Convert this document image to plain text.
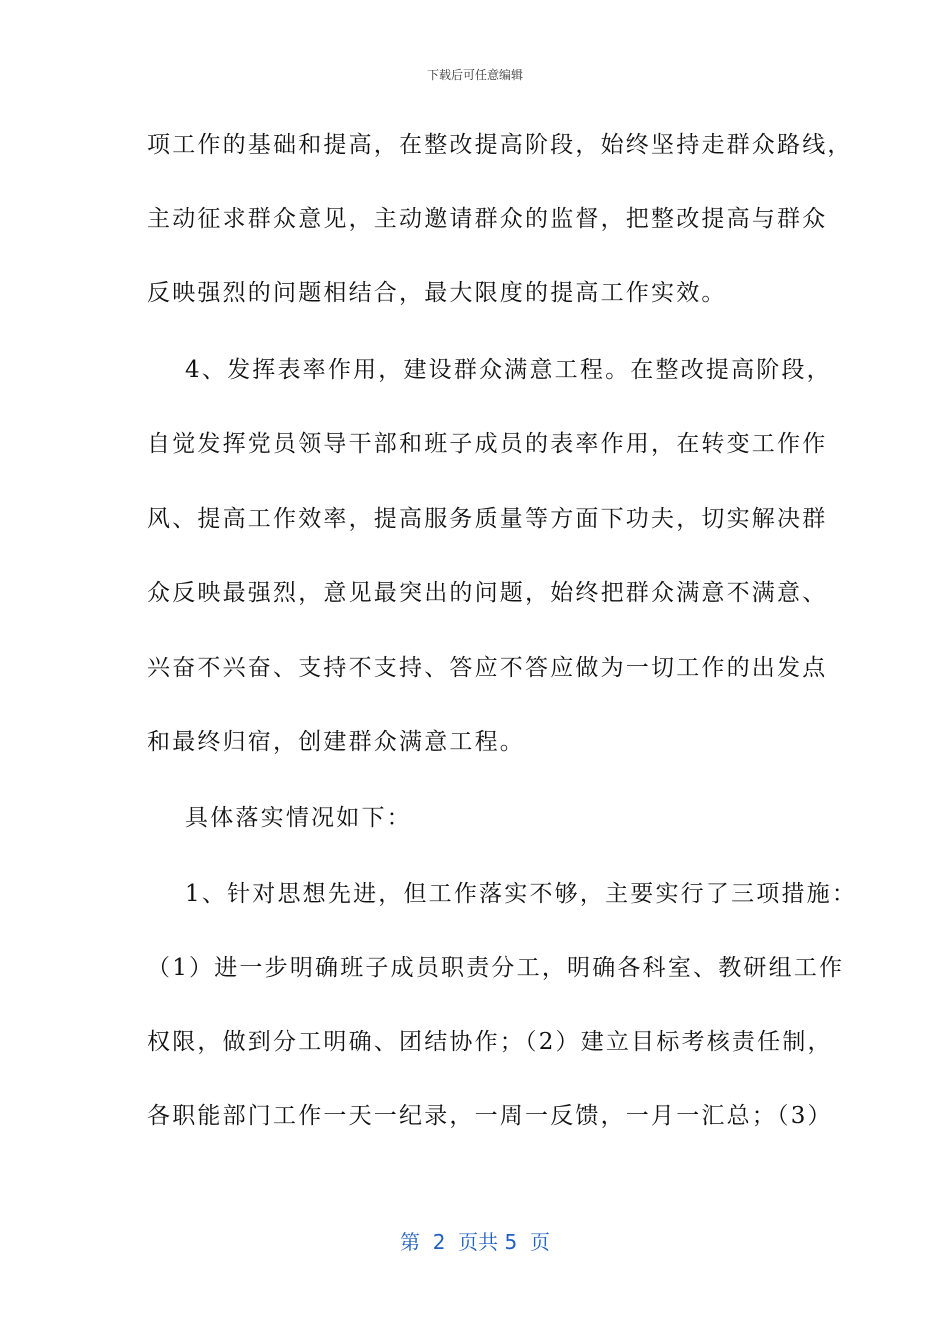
下载后可任意编辑
项工作的基础和提高，在整改提高阶段，始终坚持走群众路线，
主动征求群众意见，主动邀请群众的监督，把整改提高与群众
反映强烈的问题相结合，最大限度的提高工作实效。
4、发挥表率作用，建设群众满意工程。在整改提高阶段，
自觉发挥党员领导干部和班子成员的表率作用，在转变工作作
风、提高工作效率，提高服务质量等方面下功夫，切实解决群
众反映最强烈，意见最突出的问题，始终把群众满意不满意、
兴奋不兴奋、支持不支持、答应不答应做为一切工作的出发点
和最终归宿，创建群众满意工程。
具体落实情况如下：
1、针对思想先进，但工作落实不够，主要实行了三项措施：
（1）进一步明确班子成员职责分工，明确各科室、教研组工作
权限，做到分工明确、团结协作；（2）建立目标考核责任制，
各职能部门工作一天一纪录，一周一反馈，一月一汇总；（3）
第  2  页共 5  页
